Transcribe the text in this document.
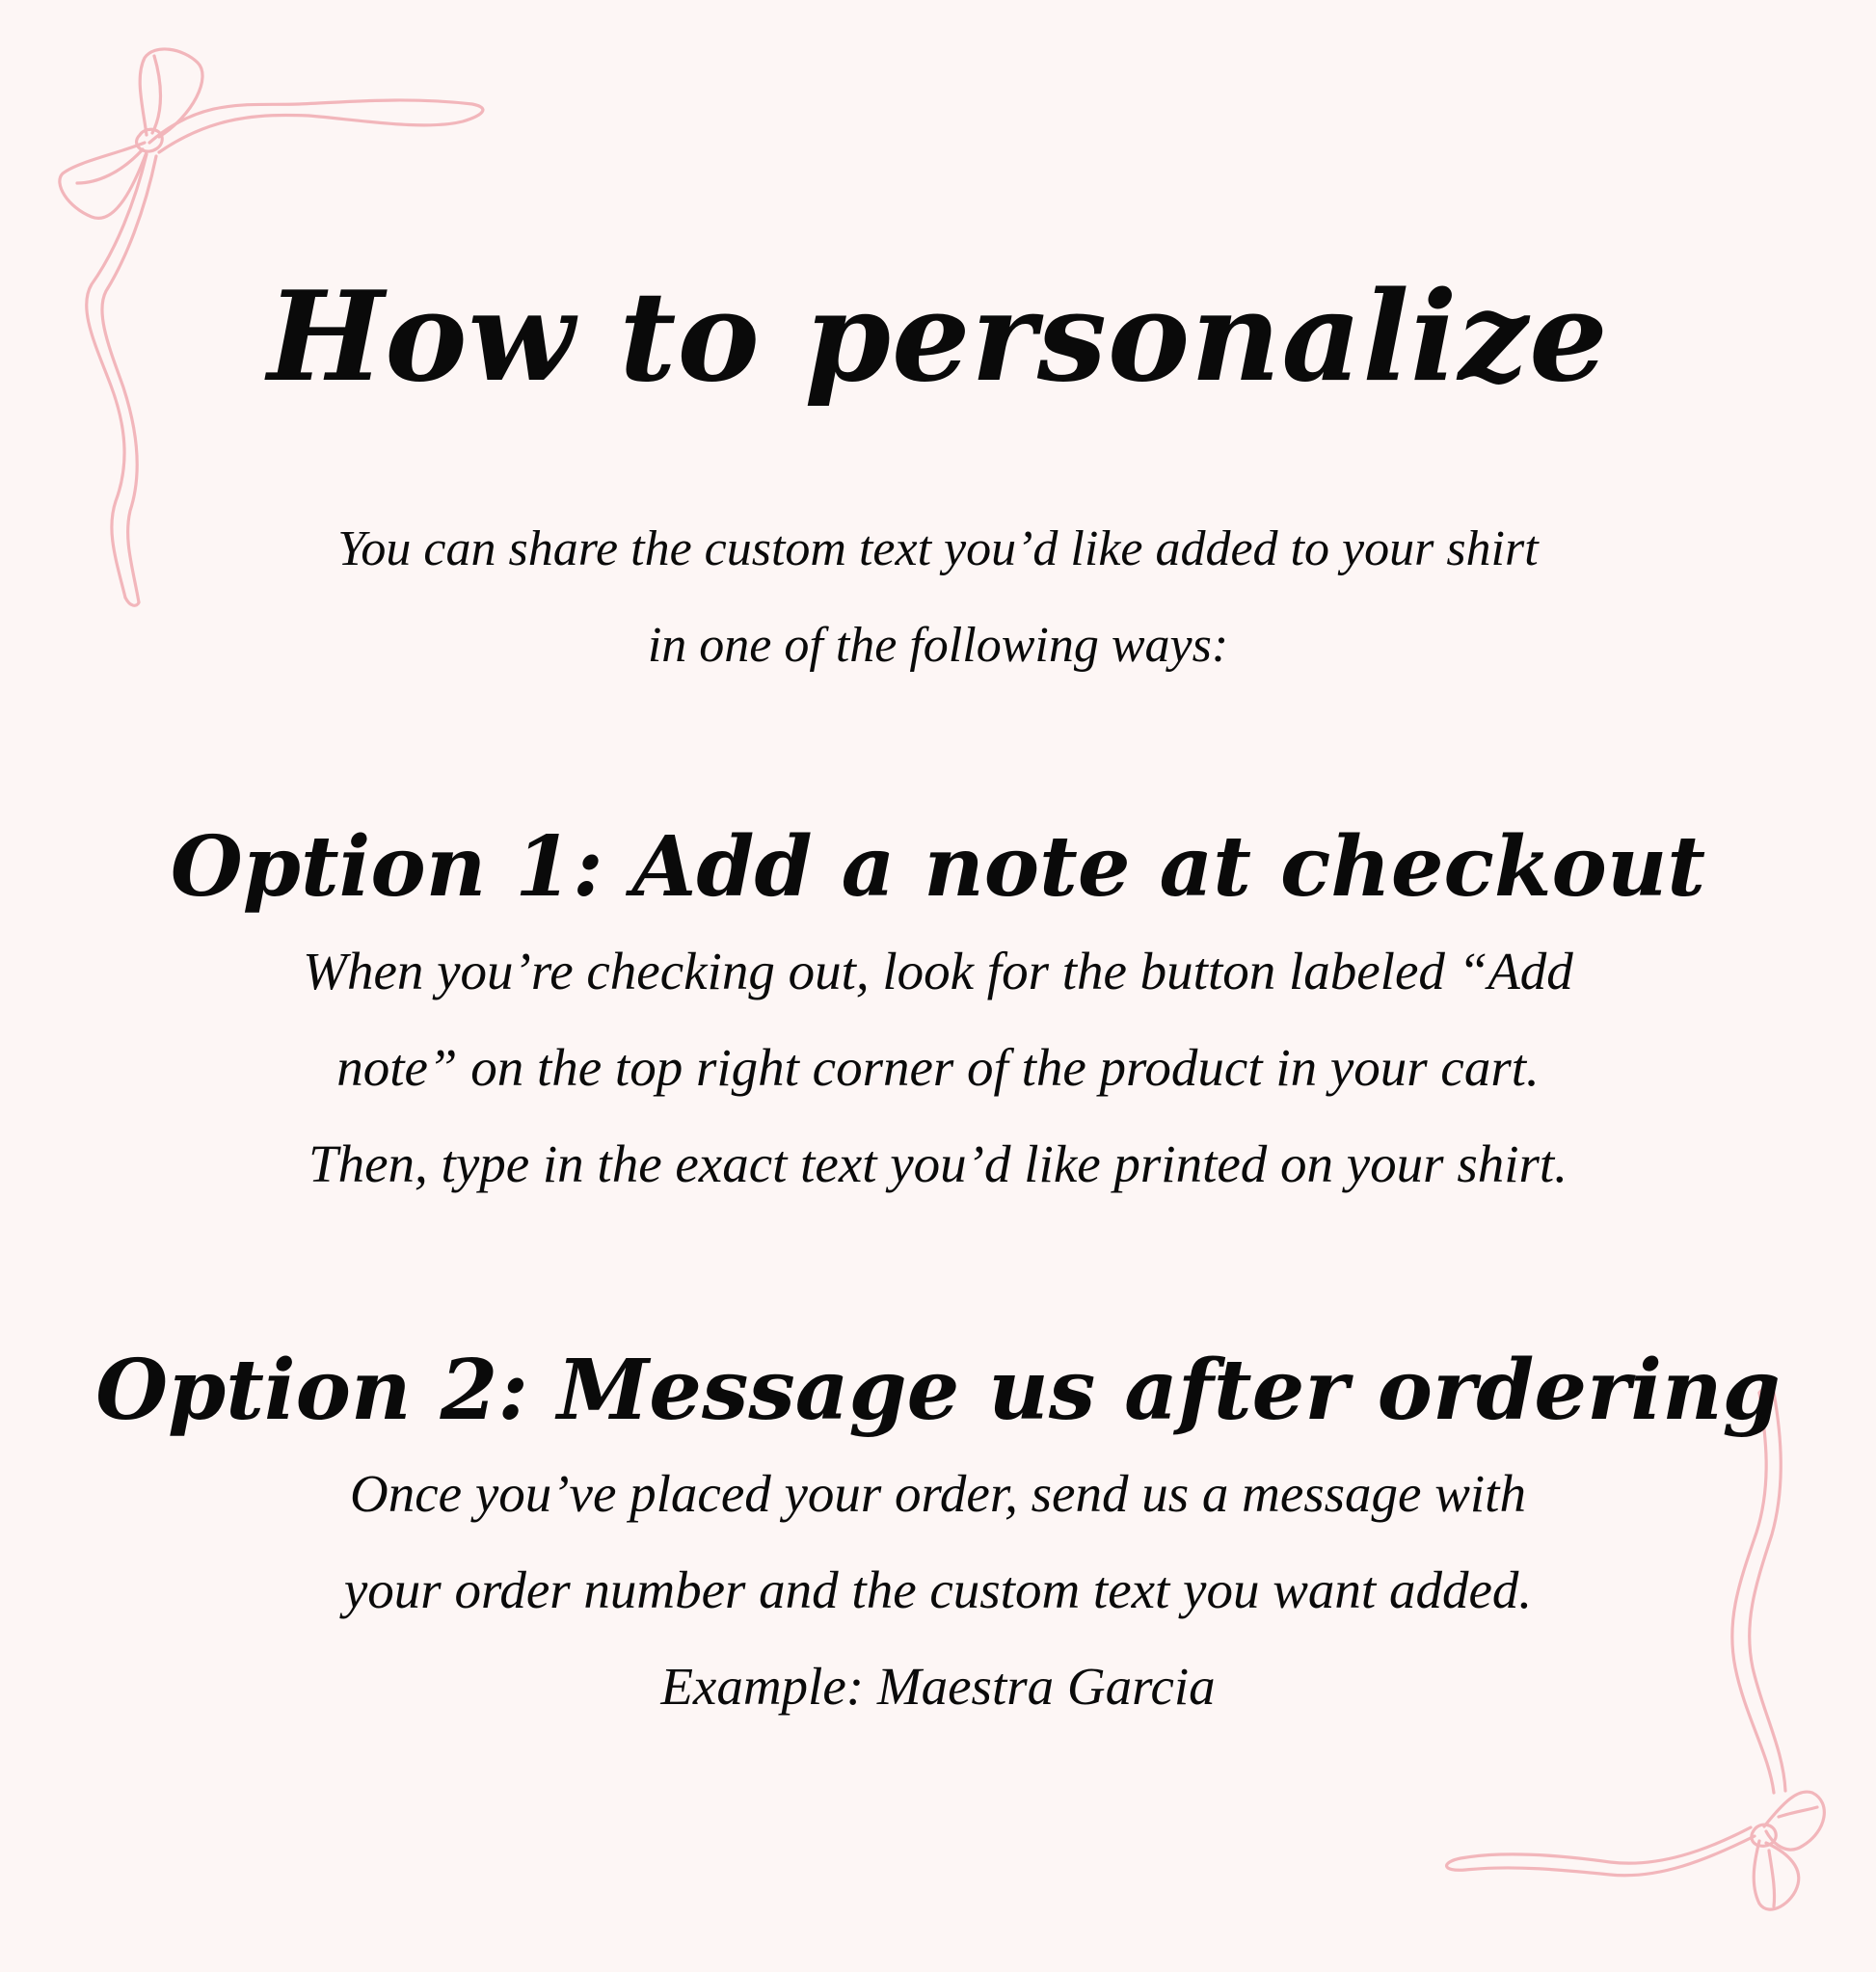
How to personalize

You can share the custom text you’d like added to your shirt
in one of the following ways:

Option 1: Add a note at checkout

When you’re checking out, look for the button labeled “Add
note” on the top right corner of the product in your cart.
Then, type in the exact text you’d like printed on your shirt.

Option 2: Message us after ordering

Once you’ve placed your order, send us a message with
your order number and the custom text you want added.
Example: Maestra Garcia
